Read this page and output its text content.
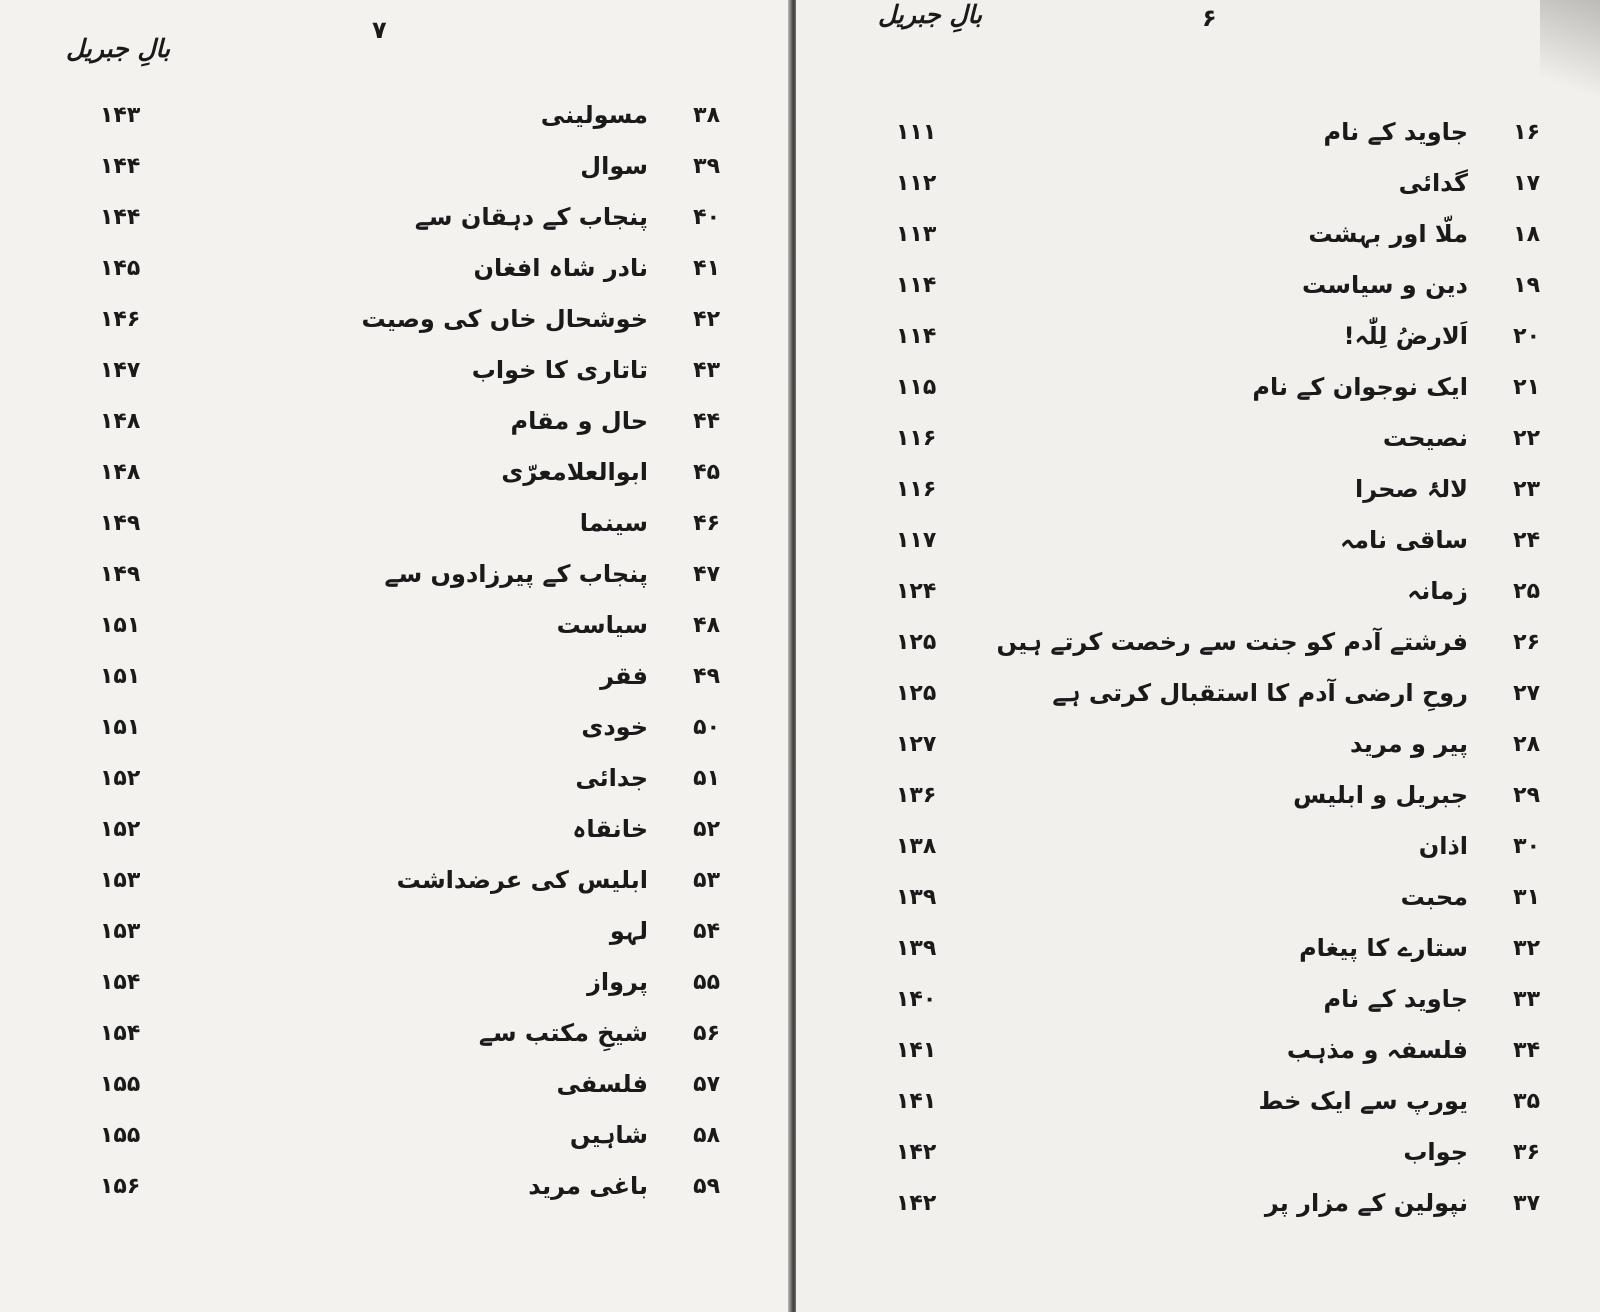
بالِ جبریل
۷
۳۸
مسولینی
۱۴۳
۳۹
سوال
۱۴۴
۴۰
پنجاب کے دہقان سے
۱۴۴
۴۱
نادر شاہ افغان
۱۴۵
۴۲
خوشحال خاں کی وصیت
۱۴۶
۴۳
تاتاری کا خواب
۱۴۷
۴۴
حال و مقام
۱۴۸
۴۵
ابوالعلامعرّی
۱۴۸
۴۶
سینما
۱۴۹
۴۷
پنجاب کے پیرزادوں سے
۱۴۹
۴۸
سیاست
۱۵۱
۴۹
فقر
۱۵۱
۵۰
خودی
۱۵۱
۵۱
جدائی
۱۵۲
۵۲
خانقاہ
۱۵۲
۵۳
ابلیس کی عرضداشت
۱۵۳
۵۴
لہو
۱۵۳
۵۵
پرواز
۱۵۴
۵۶
شیخِ مکتب سے
۱۵۴
۵۷
فلسفی
۱۵۵
۵۸
شاہیں
۱۵۵
۵۹
باغی مرید
۱۵۶
بالِ جبریل	۶
۱۶
جاوید کے نام
۱۱۱
۱۷
گدائی
۱۱۲
۱۸
ملّا اور بہشت
۱۱۳
۱۹
دین و سیاست
۱۱۴
۲۰
اَلارضُ لِلّٰہ!
۱۱۴
۲۱
ایک نوجوان کے نام
۱۱۵
۲۲
نصیحت
۱۱۶
۲۳
لالۂ صحرا
۱۱۶
۲۴
ساقی نامہ
۱۱۷
۲۵
زمانہ
۱۲۴
۲۶
فرشتے آدم کو جنت سے رخصت کرتے ہیں
۱۲۵
۲۷
روحِ ارضی آدم کا استقبال کرتی ہے
۱۲۵
۲۸
پیر و مرید
۱۲۷
۲۹
جبریل و ابلیس
۱۳۶
۳۰
اذان
۱۳۸
۳۱
محبت
۱۳۹
۳۲
ستارے کا پیغام
۱۳۹
۳۳
جاوید کے نام
۱۴۰
۳۴
فلسفہ و مذہب
۱۴۱
۳۵
یورپ سے ایک خط
۱۴۱
۳۶
جواب
۱۴۲
۳۷
نپولین کے مزار پر
۱۴۲
